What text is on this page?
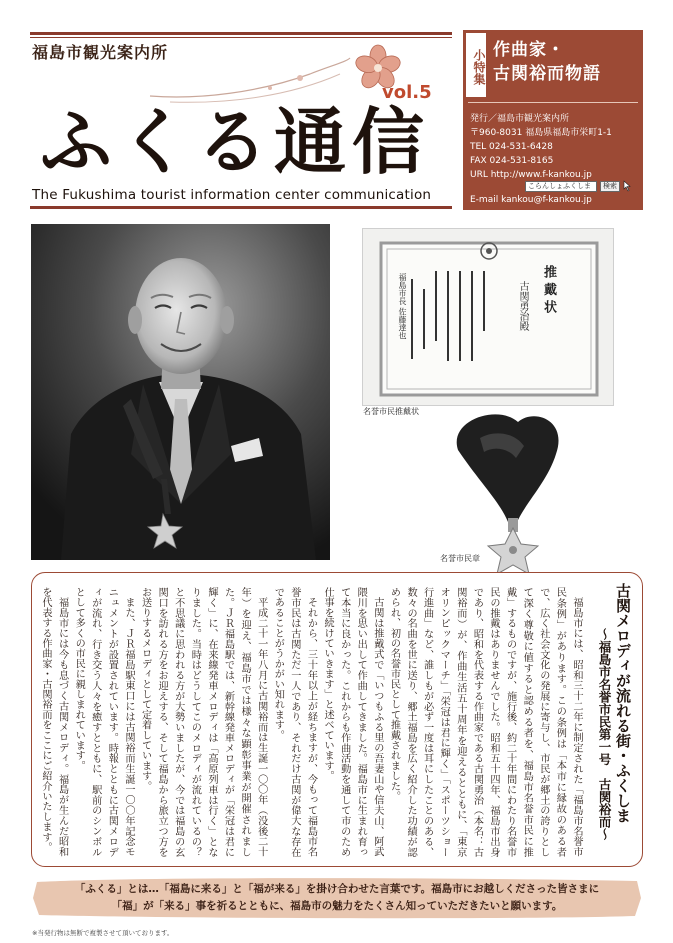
福島市観光案内所
vol.5
ふくる通信
The Fukushima tourist information center communication
小特集 作曲家・
古関裕而物語
発行／福島市観光案内所
〒960-8031 福島県福島市栄町1-1
TEL 024-531-6428
FAX 024-531-8165
URL http://www.f-kankou.jp
こらんしょふくしま	検索
E-mail kankou@f-kankou.jp
推 戴 状
古関勇治殿
福島市長 佐藤達也
名誉市民推戴状
名誉市民章
古関メロディが流れる街・ふくしま
～福島市名誉市民第一号　古関裕而～

福島市には、昭和三十二年に制定された「福島市名誉市民条例」があります。この条例は「本市に縁故のある者で、広く社会文化の発展に寄与し、市民が郷土の誇りとして深く尊敬に値すると認める者を、福島市名誉市民に推戴」するものですが、施行後、約二十年間にわたり名誉市民の推戴はありませんでした。昭和五十四年、福島市出身であり、昭和を代表する作曲家である古関勇治（本名：古関裕而）が、作曲生活五十周年を迎えるとともに、「東京オリンピックマーチ」「栄冠は君に輝く」「スポーツショー行進曲」など、誰しもが必ず一度は耳にしたことのある、数々の名曲を世に送り、郷土福島を広く紹介した功績が認められ、初の名誉市民として推戴されました。

古関は推戴式で「いつもふる里の吾妻山や信夫山、阿武隈川を思い出して作曲してきました。福島市に生まれ育って本当に良かった。これからも作曲活動を通して市のため仕事を続けていきます」と述べています。

それから、三十年以上が経ちますが、今もって福島市名誉市民は古関ただ一人であり、それだけ古関が偉大な存在であることがうかがい知れます。

平成二十一年八月に古関裕而は生誕一〇〇年（没後二十年）を迎え、福島市では様々な顕彰事業が開催されました。ＪＲ福島駅では、新幹線発車メロディが「栄冠は君に輝く」に、在来線発車メロディは「高原列車は行く」となりました。当時はどうしてこのメロディが流れているの？と不思議に思われる方が大勢いましたが、今では福島の玄関口を訪れる方をお迎えする、そして福島から旅立つ方をお送りするメロディとして定着しています。

また、ＪＲ福島駅東口には古関裕而生誕一〇〇年記念モニュメントが設置されています。時報とともに古関メロディが流れ、行き交う人々を癒すとともに、駅前のシンボルとして多くの市民に親しまれています。

福島市には今も息づく古関メロディ。福島が生んだ昭和を代表する作曲家・古関裕而をここにご紹介いたします。

「ふくる」とは…「福島に来る」と「福が来る」を掛け合わせた言葉です。福島市にお越しくださった皆さまに
「福」が「来る」事を祈るとともに、福島市の魅力をたくさん知っていただきたいと願います。
※当発行物は無断で複製させて頂いております。
